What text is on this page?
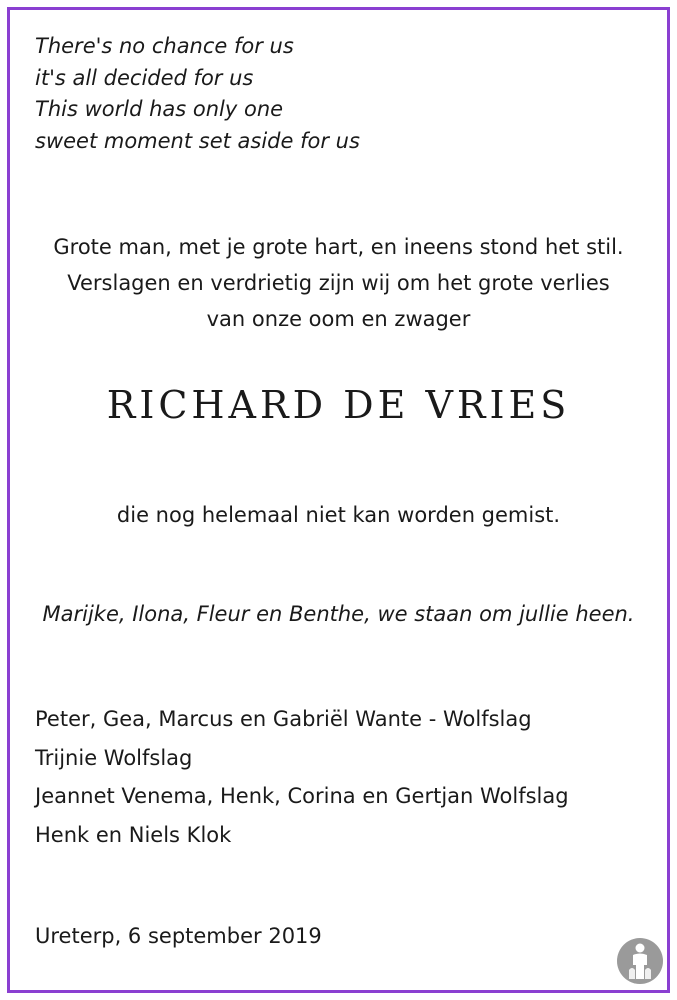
There's no chance for us
it's all decided for us
This world has only one
sweet moment set aside for us
Grote man, met je grote hart, en ineens stond het stil.
Verslagen en verdrietig zijn wij om het grote verlies
van onze oom en zwager
RICHARD DE VRIES
die nog helemaal niet kan worden gemist.
Marijke, Ilona, Fleur en Benthe, we staan om jullie heen.
Peter, Gea, Marcus en Gabriël Wante - Wolfslag
Trijnie Wolfslag
Jeannet Venema, Henk, Corina en Gertjan Wolfslag
Henk en Niels Klok
Ureterp, 6 september 2019
